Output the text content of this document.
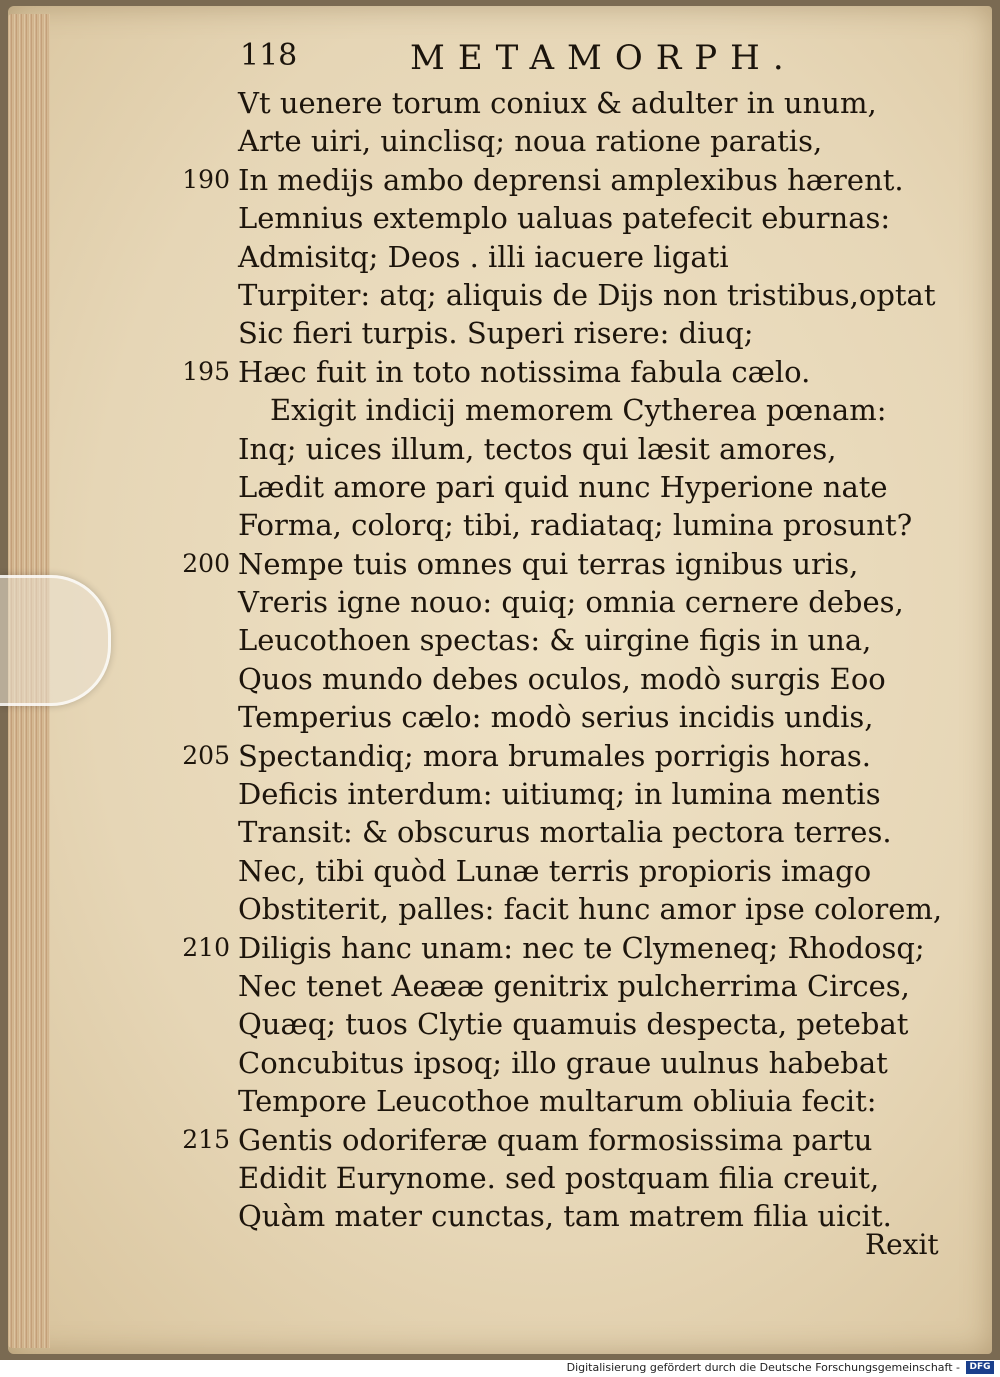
118	METAMORPH.
Vt uenere torum coniux & adulter in unum,
Arte uiri, uinclisq; noua ratione paratis,
190 In medijs ambo deprensi amplexibus hærent.
Lemnius extemplo ualuas patefecit eburnas:
Admisitq; Deos . illi iacuere ligati
Turpiter: atq; aliquis de Dijs non tristibus,optat
Sic fieri turpis. Superi risere: diuq;
195 Hæc fuit in toto notissima fabula cælo.
Exigit indicij memorem Cytherea pœnam:
Inq; uices illum, tectos qui læsit amores,
Lædit amore pari quid nunc Hyperione nate
Forma, colorq; tibi, radiataq; lumina prosunt?
200 Nempe tuis omnes qui terras ignibus uris,
Vreris igne nouo: quiq; omnia cernere debes,
Leucothoen spectas: & uirgine figis in una,
Quos mundo debes oculos, modò surgis Eoo
Temperius cælo: modò serius incidis undis,
205 Spectandiq; mora brumales porrigis horas.
Deficis interdum: uitiumq; in lumina mentis
Transit: & obscurus mortalia pectora terres.
Nec, tibi quòd Lunæ terris propioris imago
Obstiterit, palles: facit hunc amor ipse colorem,
210 Diligis hanc unam: nec te Clymeneq; Rhodosq;
Nec tenet Aeææ genitrix pulcherrima Circes,
Quæq; tuos Clytie quamuis despecta, petebat
Concubitus ipsoq; illo graue uulnus habebat
Tempore Leucothoe multarum obliuia fecit:
215 Gentis odoriferæ quam formosissima partu
Edidit Eurynome. sed postquam filia creuit,
Quàm mater cunctas, tam matrem filia uicit.
Rexit
Digitalisierung gefördert durch die Deutsche Forschungsgemeinschaft -	DFG
